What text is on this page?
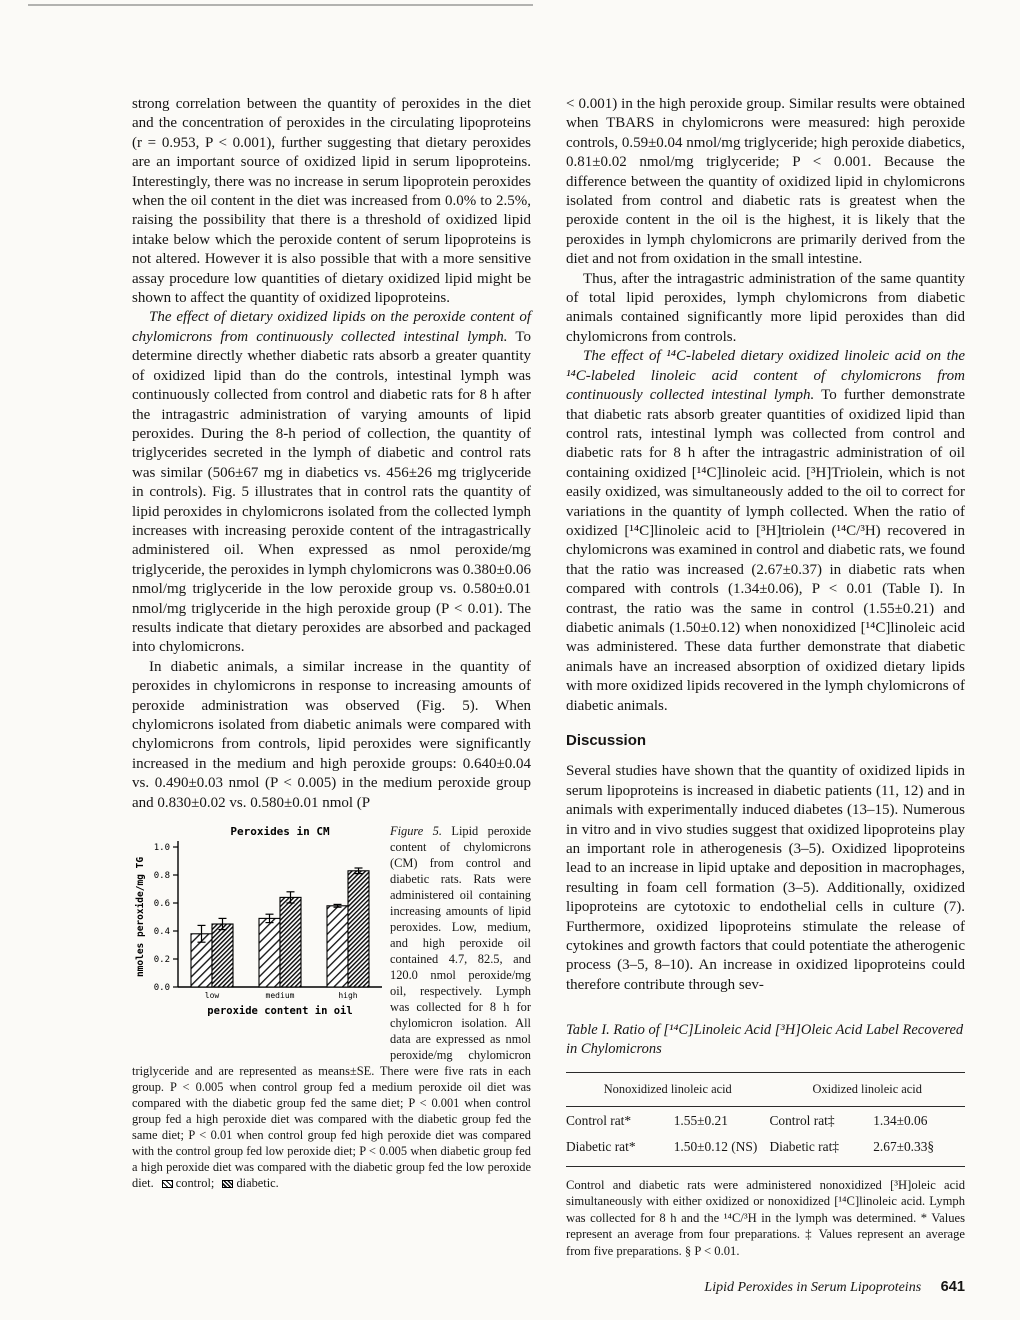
strong correlation between the quantity of peroxides in the diet and the concentration of peroxides in the circulating lipoproteins (r = 0.953, P < 0.001), further suggesting that dietary peroxides are an important source of oxidized lipid in serum lipoproteins. Interestingly, there was no increase in serum lipoprotein peroxides when the oil content in the diet was increased from 0.0% to 2.5%, raising the possibility that there is a threshold of oxidized lipid intake below which the peroxide content of serum lipoproteins is not altered. However it is also possible that with a more sensitive assay procedure low quantities of dietary oxidized lipid might be shown to affect the quantity of oxidized lipoproteins.

The effect of dietary oxidized lipids on the peroxide content of chylomicrons from continuously collected intestinal lymph. To determine directly whether diabetic rats absorb a greater quantity of oxidized lipid than do the controls, intestinal lymph was continuously collected from control and diabetic rats for 8 h after the intragastric administration of varying amounts of lipid peroxides. During the 8-h period of collection, the quantity of triglycerides secreted in the lymph of diabetic and control rats was similar (506±67 mg in diabetics vs. 456±26 mg triglyceride in controls). Fig. 5 illustrates that in control rats the quantity of lipid peroxides in chylomicrons isolated from the collected lymph increases with increasing peroxide content of the intragastrically administered oil. When expressed as nmol peroxide/mg triglyceride, the peroxides in lymph chylomicrons was 0.380±0.06 nmol/mg triglyceride in the low peroxide group vs. 0.580±0.01 nmol/mg triglyceride in the high peroxide group (P < 0.01). The results indicate that dietary peroxides are absorbed and packaged into chylomicrons.

In diabetic animals, a similar increase in the quantity of peroxides in chylomicrons in response to increasing amounts of peroxide administration was observed (Fig. 5). When chylomicrons isolated from diabetic animals were compared with chylomicrons from controls, lipid peroxides were significantly increased in the medium and high peroxide groups: 0.640±0.04 vs. 0.490±0.03 nmol (P < 0.005) in the medium peroxide group and 0.830±0.02 vs. 0.580±0.01 nmol (P

Peroxides in CM
0.0
0.2
0.4
0.6
0.8
1.0
nmoles peroxide/mg TG
low	medium	high
peroxide content in oil

Figure 5. Lipid peroxide content of chylomicrons (CM) from control and diabetic rats. Rats were administered oil containing increasing amounts of lipid peroxides. Low, medium, and high peroxide oil contained 4.7, 82.5, and 120.0 nmol peroxide/mg oil, respectively. Lymph was collected for 8 h for chylomicron isolation. All data are expressed as nmol peroxide/mg chylomicron triglyceride and are represented as means±SE. There were five rats in each group. P < 0.005 when control group fed a medium peroxide oil diet was compared with the diabetic group fed the same diet; P < 0.001 when control group fed a high peroxide diet was compared with the diabetic group fed the same diet; P < 0.01 when control group fed high peroxide diet was compared with the control group fed low peroxide diet; P < 0.005 when diabetic group fed a high peroxide diet was compared with the diabetic group fed the low peroxide diet. control; diabetic.

< 0.001) in the high peroxide group. Similar results were obtained when TBARS in chylomicrons were measured: high peroxide controls, 0.59±0.04 nmol/mg triglyceride; high peroxide diabetics, 0.81±0.02 nmol/mg triglyceride; P < 0.001. Because the difference between the quantity of oxidized lipid in chylomicrons isolated from control and diabetic rats is greatest when the peroxide content in the oil is the highest, it is likely that the peroxides in lymph chylomicrons are primarily derived from the diet and not from oxidation in the small intestine.

Thus, after the intragastric administration of the same quantity of total lipid peroxides, lymph chylomicrons from diabetic animals contained significantly more lipid peroxides than did chylomicrons from controls.

The effect of ¹⁴C-labeled dietary oxidized linoleic acid on the ¹⁴C-labeled linoleic acid content of chylomicrons from continuously collected intestinal lymph. To further demonstrate that diabetic rats absorb greater quantities of oxidized lipid than control rats, intestinal lymph was collected from control and diabetic rats for 8 h after the intragastric administration of oil containing oxidized [¹⁴C]linoleic acid. [³H]Triolein, which is not easily oxidized, was simultaneously added to the oil to correct for variations in the quantity of lymph collected. When the ratio of oxidized [¹⁴C]linoleic acid to [³H]triolein (¹⁴C/³H) recovered in chylomicrons was examined in control and diabetic rats, we found that the ratio was increased (2.67±0.37) in diabetic rats when compared with controls (1.34±0.06), P < 0.01 (Table I). In contrast, the ratio was the same in control (1.55±0.21) and diabetic animals (1.50±0.12) when nonoxidized [¹⁴C]linoleic acid was administered. These data further demonstrate that diabetic animals have an increased absorption of oxidized dietary lipids with more oxidized lipids recovered in the lymph chylomicrons of diabetic animals.

Discussion

Several studies have shown that the quantity of oxidized lipids in serum lipoproteins is increased in diabetic patients (11, 12) and in animals with experimentally induced diabetes (13–15). Numerous in vitro and in vivo studies suggest that oxidized lipoproteins play an important role in atherogenesis (3–5). Oxidized lipoproteins lead to an increase in lipid uptake and deposition in macrophages, resulting in foam cell formation (3–5). Additionally, oxidized lipoproteins are cytotoxic to endothelial cells in culture (7). Furthermore, oxidized lipoproteins stimulate the release of cytokines and growth factors that could potentiate the atherogenic process (3–5, 8–10). An increase in oxidized lipoproteins could therefore contribute through sev-

Table I. Ratio of [¹⁴C]Linoleic Acid [³H]Oleic Acid Label Recovered in Chylomicrons

Nonoxidized linoleic acid		Oxidized linoleic acid	
Control rat*	1.55±0.21	Control rat‡	1.34±0.06
Diabetic rat*	1.50±0.12 (NS)	Diabetic rat‡	2.67±0.33§

Control and diabetic rats were administered nonoxidized [³H]oleic acid simultaneously with either oxidized or nonoxidized [¹⁴C]linoleic acid. Lymph was collected for 8 h and the ¹⁴C/³H in the lymph was determined. * Values represent an average from four preparations. ‡ Values represent an average from five preparations. § P < 0.01.

Lipid Peroxides in Serum Lipoproteins 641
